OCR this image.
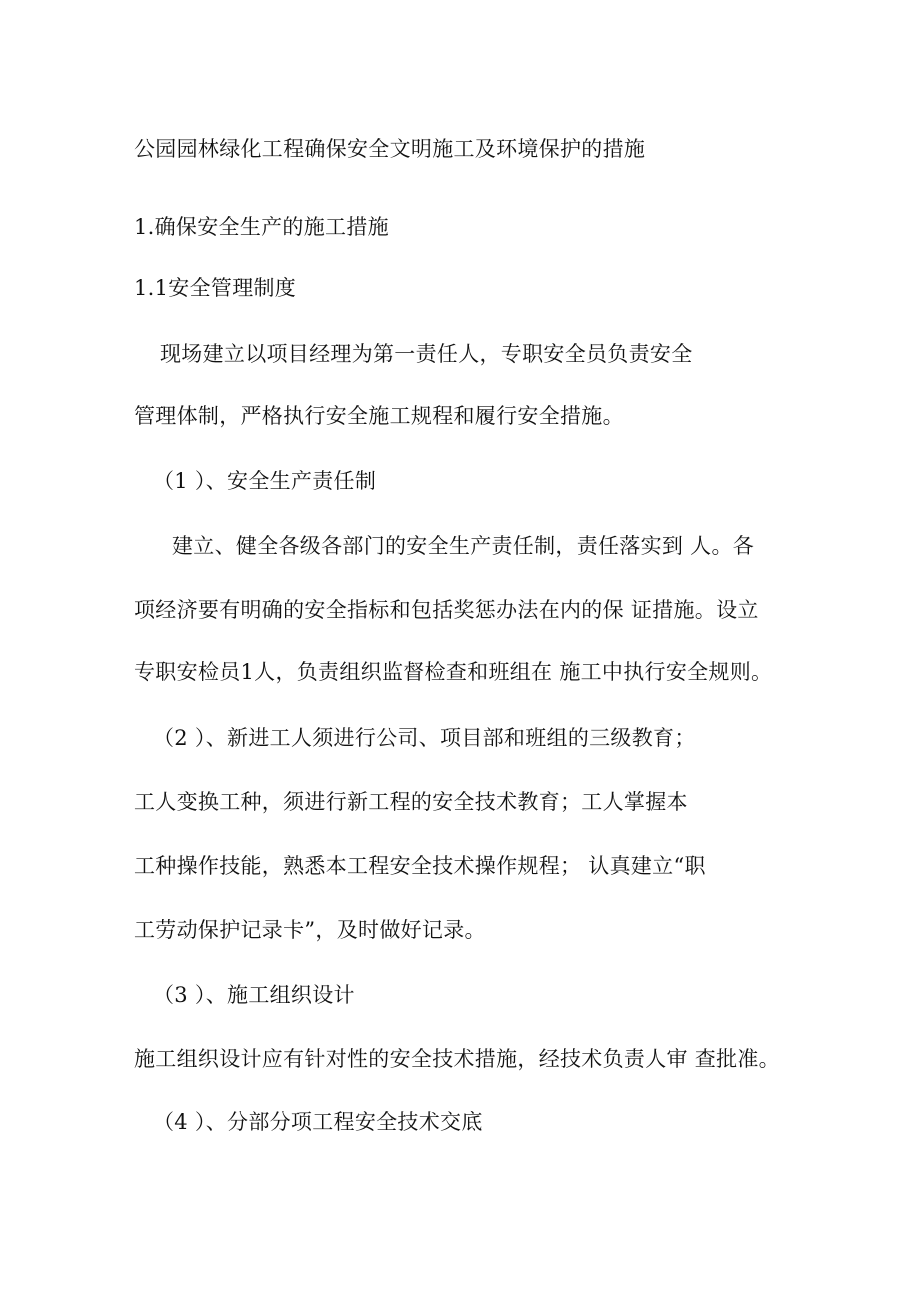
公园园林绿化工程确保安全文明施工及环境保护的措施
1.确保安全生产的施工措施
1.1安全管理制度
现场建立以项目经理为第一责任人，专职安全员负责安全
管理体制，严格执行安全施工规程和履行安全措施。
（1 ）、安全生产责任制
建立、健全各级各部门的安全生产责任制，责任落实到 人。各
项经济要有明确的安全指标和包括奖惩办法在内的保 证措施。设立
专职安检员1人，负责组织监督检查和班组在 施工中执行安全规则。
（2 ）、新进工人须进行公司、项目部和班组的三级教育；
工人变换工种，须进行新工程的安全技术教育；工人掌握本
工种操作技能，熟悉本工程安全技术操作规程； 认真建立“职
工劳动保护记录卡”，及时做好记录。
（3 ）、施工组织设计
施工组织设计应有针对性的安全技术措施，经技术负责人审 查批准。
（4 ）、分部分项工程安全技术交底
